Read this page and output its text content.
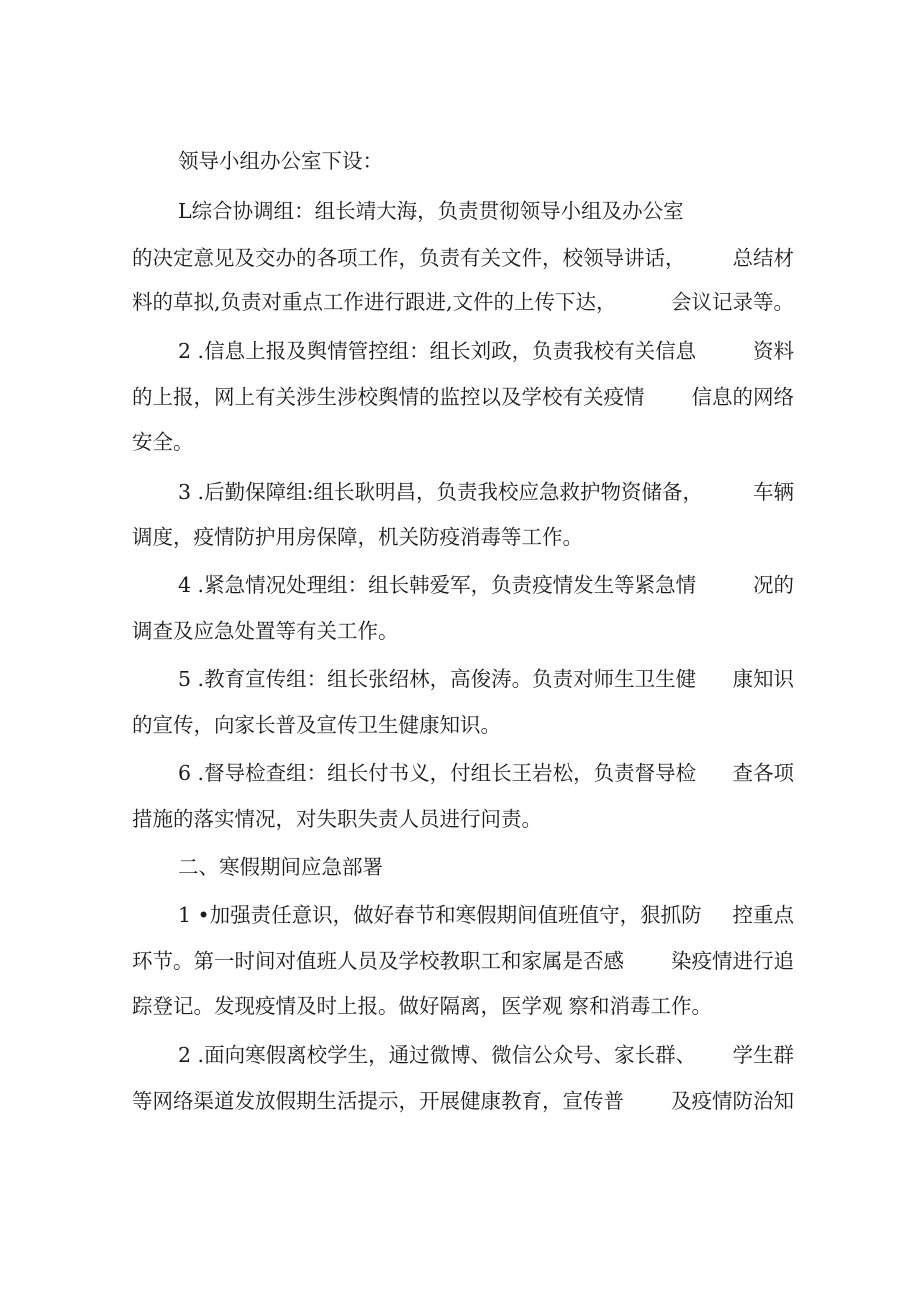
领导小组办公室下设：
L综合协调组：组长靖大海，负责贯彻领导小组及办公室
的决定意见及交办的各项工作，负责有关文件，校领导讲话， 总结材
料的草拟,负责对重点工作进行跟进,文件的上传下达，	会议记录等。
2 .信息上报及舆情管控组：组长刘政，负责我校有关信息	资料
的上报，网上有关涉生涉校舆情的监控以及学校有关疫情 信息的网络
安全。
3 .后勤保障组:组长耿明昌，负责我校应急救护物资储备， 车辆
调度，疫情防护用房保障，机关防疫消毒等工作。
4 .紧急情况处理组：组长韩爱军，负责疫情发生等紧急情	况的
调查及应急处置等有关工作。
5 .教育宣传组：组长张绍林，高俊涛。负责对师生卫生健 康知识
的宣传，向家长普及宣传卫生健康知识。
6 .督导检查组：组长付书义，付组长王岩松，负责督导检 查各项
措施的落实情况，对失职失责人员进行问责。
二、寒假期间应急部署
1 •加强责任意识，做好春节和寒假期间值班值守，狠抓防 控重点
环节。第一时间对值班人员及学校教职工和家属是否感 染疫情进行追
踪登记。发现疫情及时上报。做好隔离，医学观 察和消毒工作。
2 .面向寒假离校学生，通过微博、微信公众号、家长群、 学生群
等网络渠道发放假期生活提示，开展健康教育，宣传普 及疫情防治知
